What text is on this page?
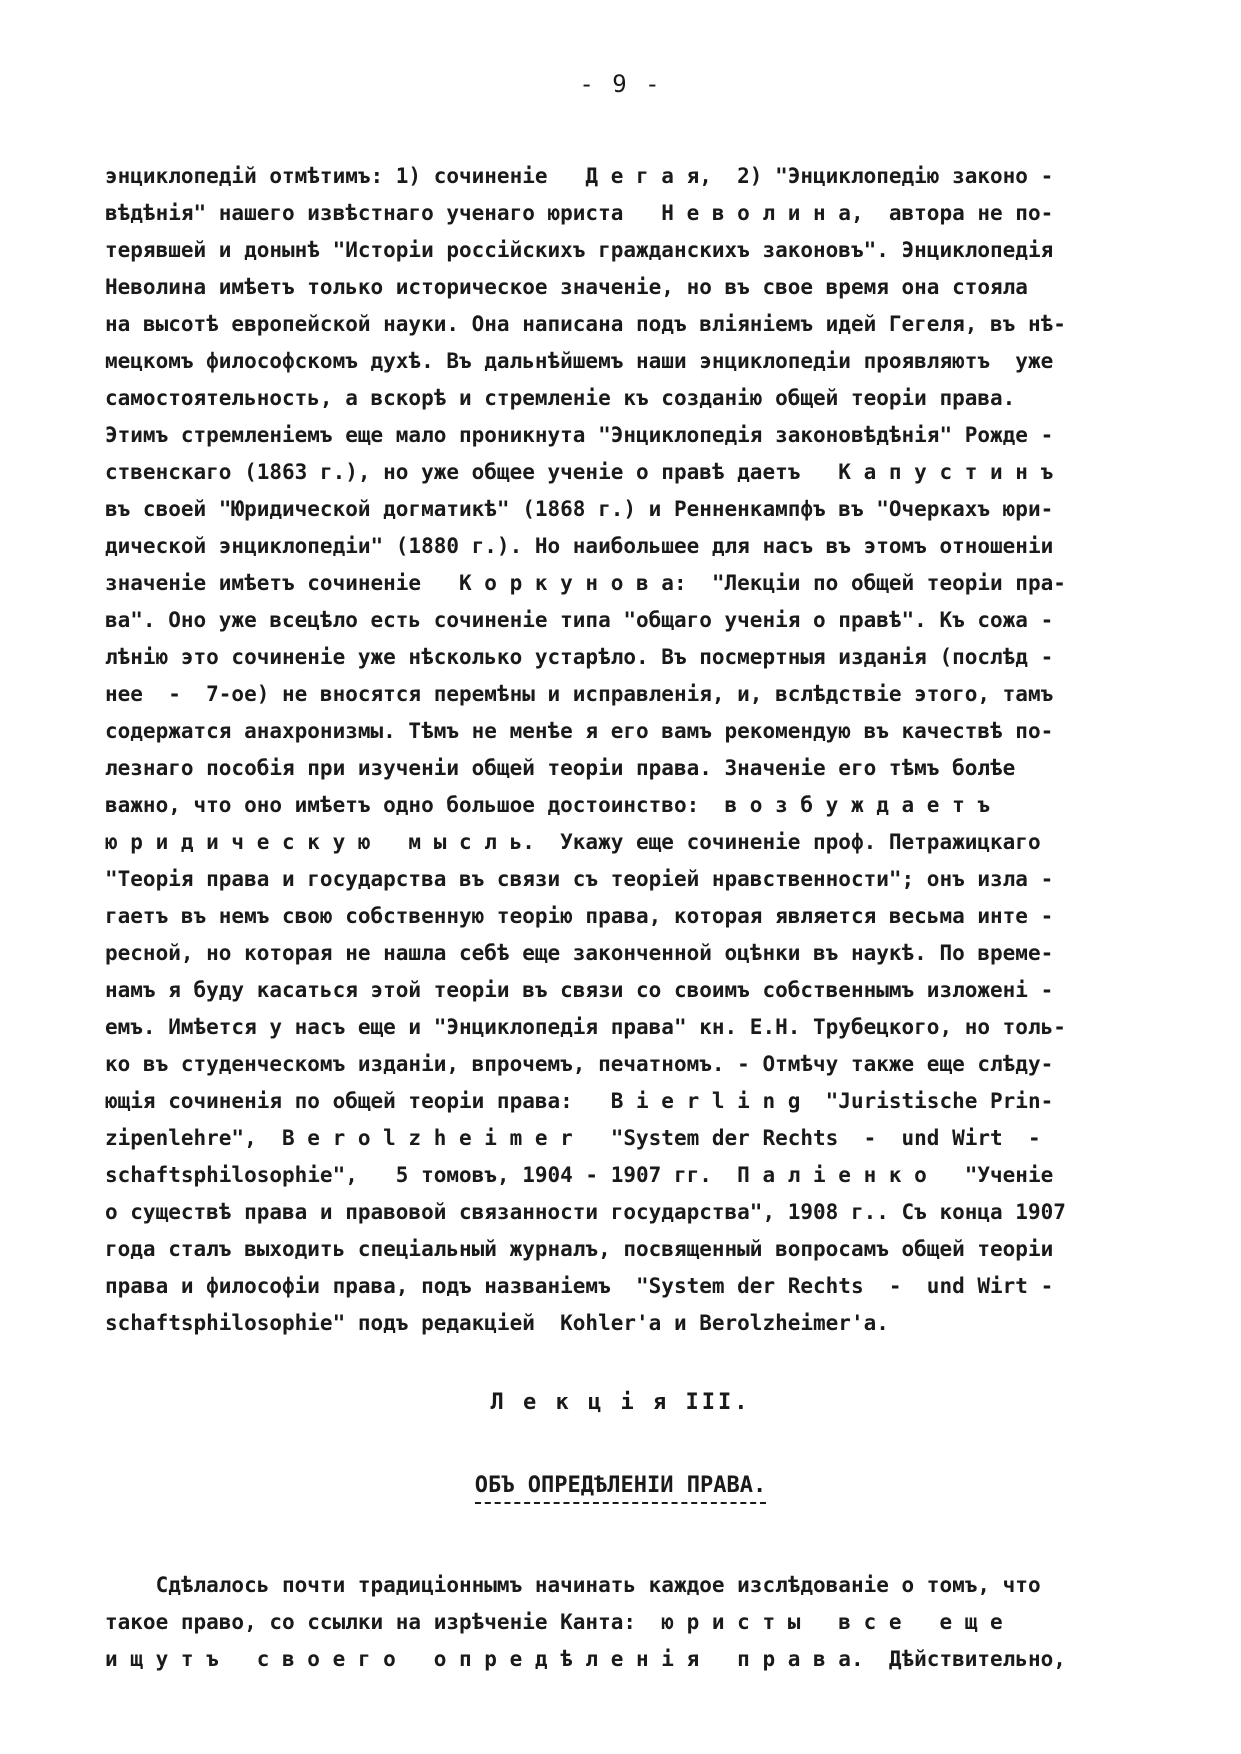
- 9 -
энциклопедій отмѣтимъ: 1) сочиненіе   Д е г а я,  2) "Энциклопедію законо -
вѣдѣнія" нашего извѣстнаго ученаго юриста   Н е в о л и н а,  автора не по-
терявшей и донынѣ "Исторіи россійскихъ гражданскихъ законовъ". Энциклопедія
Неволина имѣетъ только историческое значеніе, но въ свое время она стояла
на высотѣ европейской науки. Она написана подъ вліяніемъ идей Гегеля, въ нѣ-
мецкомъ философскомъ духѣ. Въ дальнѣйшемъ наши энциклопедіи проявляютъ  уже
самостоятельность, а вскорѣ и стремленіе къ созданію общей теоріи права.
Этимъ стремленіемъ еще мало проникнута "Энциклопедія законовѣдѣнія" Рожде -
ственскаго (1863 г.), но уже общее ученіе о правѣ даетъ   К а п у с т и н ъ
въ своей "Юридической догматикѣ" (1868 г.) и Ренненкампфъ въ "Очеркахъ юри-
дической энциклопедіи" (1880 г.). Но наибольшее для насъ въ этомъ отношеніи
значеніе имѣетъ сочиненіе   К о р к у н о в а:  "Лекціи по общей теоріи пра-
ва". Оно уже всецѣло есть сочиненіе типа "общаго ученія о правѣ". Къ сожа -
лѣнію это сочиненіе уже нѣсколько устарѣло. Въ посмертныя изданія (послѣд -
нее  -  7-ое) не вносятся перемѣны и исправленія, и, вслѣдствіе этого, тамъ
содержатся анахронизмы. Тѣмъ не менѣе я его вамъ рекомендую въ качествѣ по-
лезнаго пособія при изученіи общей теоріи права. Значеніе его тѣмъ болѣе
важно, что оно имѣетъ одно большое достоинство:  в о з б у ж д а е т ъ
ю р и д и ч е с к у ю   м ы с л ь.  Укажу еще сочиненіе проф. Петражицкаго
"Теорія права и государства въ связи съ теоріей нравственности"; онъ изла -
гаетъ въ немъ свою собственную теорію права, которая является весьма инте -
ресной, но которая не нашла себѣ еще законченной оцѣнки въ наукѣ. По време-
намъ я буду касаться этой теоріи въ связи со своимъ собственнымъ изложені -
емъ. Имѣется у насъ еще и "Энциклопедія права" кн. Е.Н. Трубецкого, но толь-
ко въ студенческомъ изданіи, впрочемъ, печатномъ. - Отмѣчу также еще слѣду-
ющія сочиненія по общей теоріи права:   B i e r l i n g  "Juristische Prin-
zipenlehre",  B e r o l z h e i m e r   "System der Rechts  -  und Wirt  -
schaftsphilosophie",   5 томовъ, 1904 - 1907 гг.  П а л і е н к о   "Ученіе
о существѣ права и правовой связанности государства", 1908 г.. Съ конца 1907
года сталъ выходить спеціальный журналъ, посвященный вопросамъ общей теоріи
права и философіи права, подъ названіемъ  "System der Rechts  -  und Wirt -
schaftsphilosophie" подъ редакціей  Kohler'a и Berolzheimer'a.
Л е к ц і я III.
ОБЪ ОПРЕДѢЛЕНІИ ПРАВА.
Сдѣлалось почти традиціоннымъ начинать каждое изслѣдованіе о томъ, что
такое право, со ссылки на изрѣченіе Канта:  ю р и с т ы   в с е   е щ е
и щ у т ъ   с в о е г о   о п р е д ѣ л е н і я   п р а в а.  Дѣйствительно,
